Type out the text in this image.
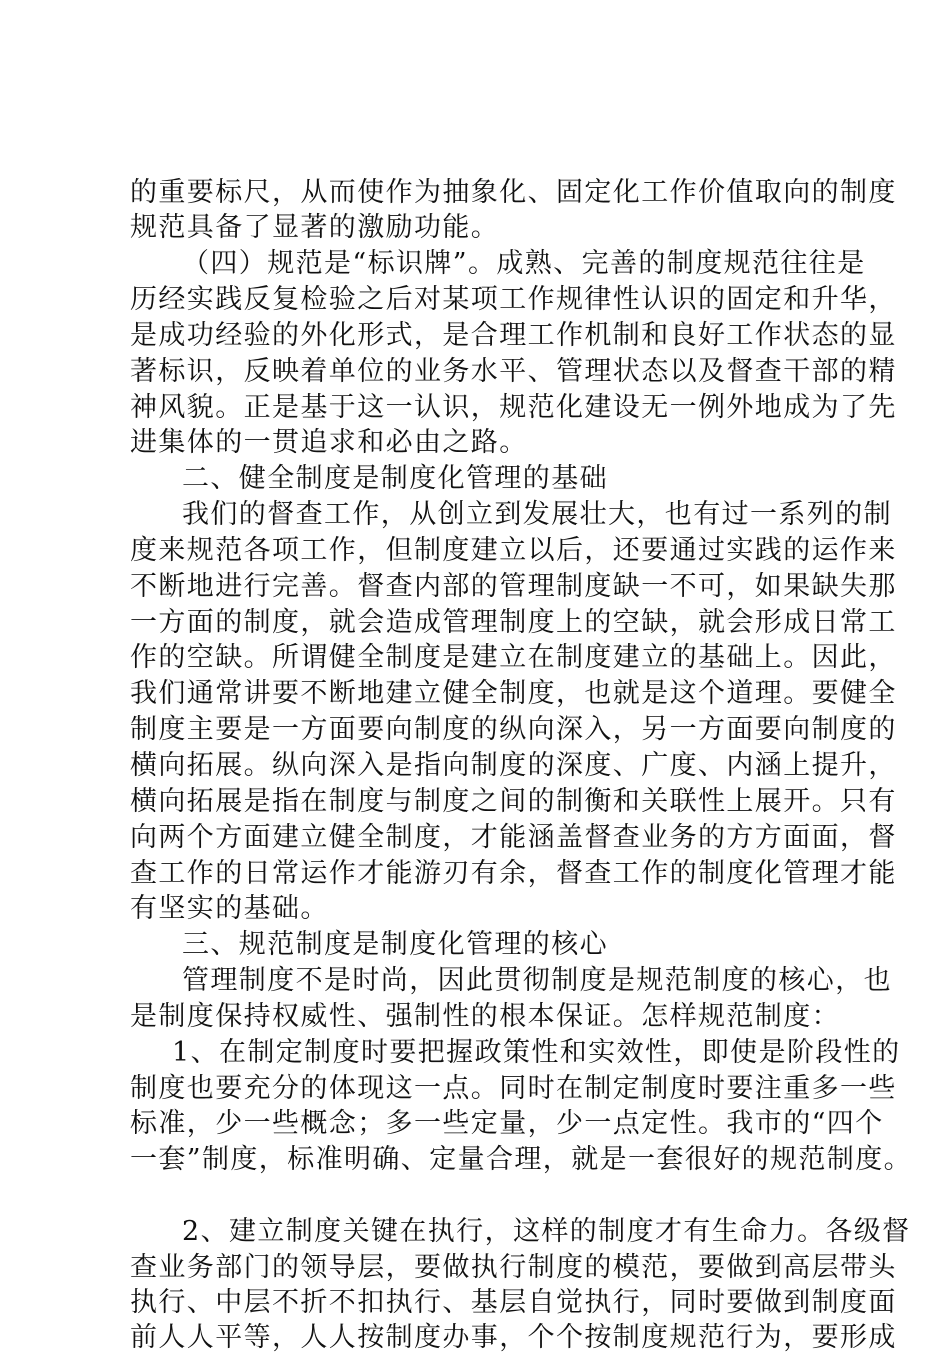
的重要标尺，从而使作为抽象化、固定化工作价值取向的制度
规范具备了显著的激励功能。
（四）规范是“标识牌”。成熟、完善的制度规范往往是
历经实践反复检验之后对某项工作规律性认识的固定和升华，
是成功经验的外化形式，是合理工作机制和良好工作状态的显
著标识，反映着单位的业务水平、管理状态以及督查干部的精
神风貌。正是基于这一认识，规范化建设无一例外地成为了先
进集体的一贯追求和必由之路。
二、健全制度是制度化管理的基础
我们的督查工作，从创立到发展壮大，也有过一系列的制
度来规范各项工作，但制度建立以后，还要通过实践的运作来
不断地进行完善。督查内部的管理制度缺一不可，如果缺失那
一方面的制度，就会造成管理制度上的空缺，就会形成日常工
作的空缺。所谓健全制度是建立在制度建立的基础上。因此，
我们通常讲要不断地建立健全制度，也就是这个道理。要健全
制度主要是一方面要向制度的纵向深入，另一方面要向制度的
横向拓展。纵向深入是指向制度的深度、广度、内涵上提升，
横向拓展是指在制度与制度之间的制衡和关联性上展开。只有
向两个方面建立健全制度，才能涵盖督查业务的方方面面，督
查工作的日常运作才能游刃有余，督查工作的制度化管理才能
有坚实的基础。
三、规范制度是制度化管理的核心
管理制度不是时尚，因此贯彻制度是规范制度的核心，也
是制度保持权威性、强制性的根本保证。怎样规范制度：
1、在制定制度时要把握政策性和实效性，即使是阶段性的
制度也要充分的体现这一点。同时在制定制度时要注重多一些
标准，少一些概念；多一些定量，少一点定性。我市的“四个
一套”制度，标准明确、定量合理，就是一套很好的规范制度。
2、建立制度关键在执行，这样的制度才有生命力。各级督
查业务部门的领导层，要做执行制度的模范，要做到高层带头
执行、中层不折不扣执行、基层自觉执行，同时要做到制度面
前人人平等，人人按制度办事，个个按制度规范行为，要形成
